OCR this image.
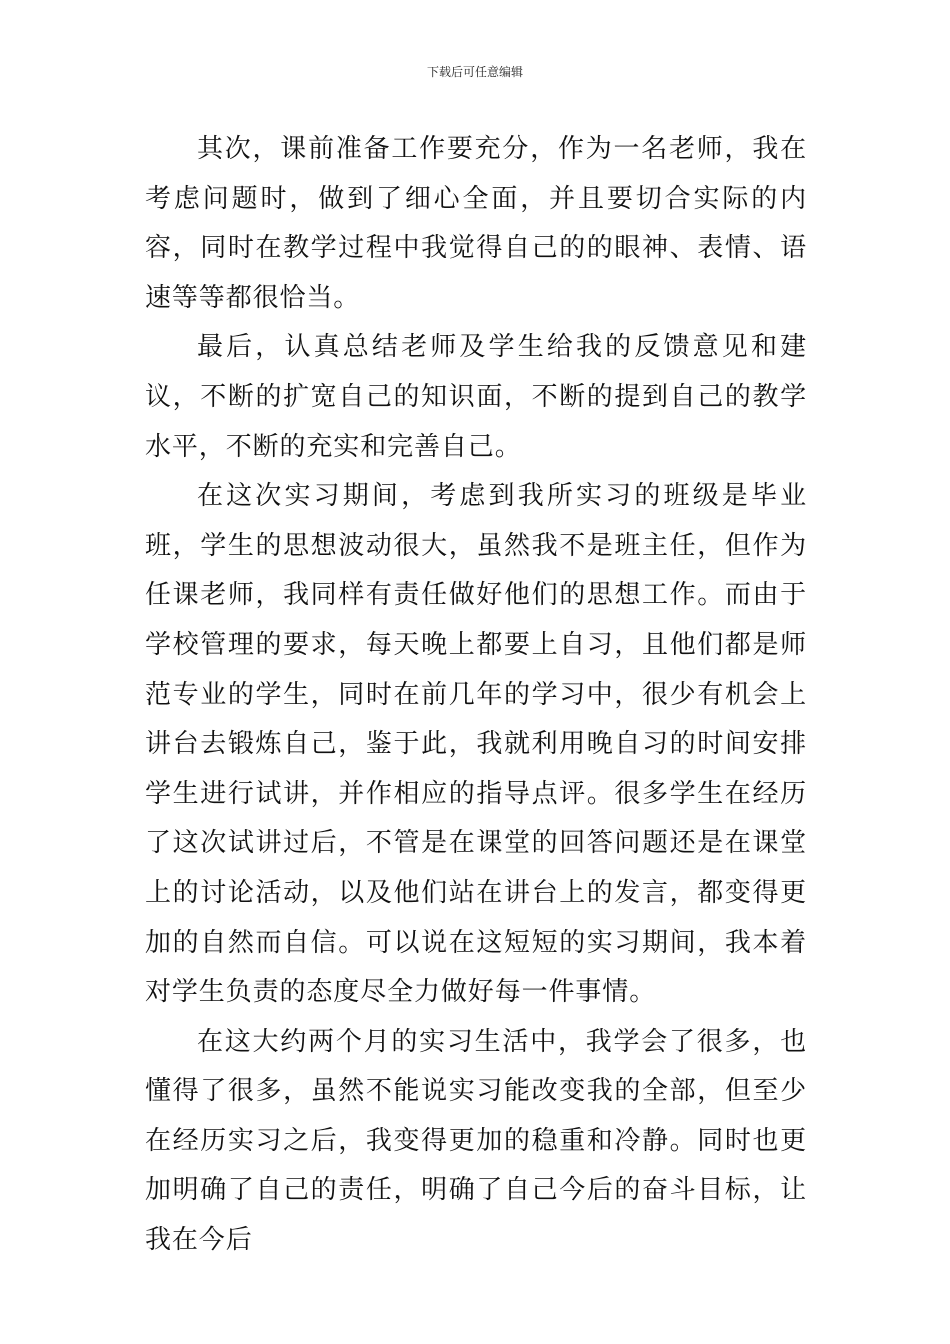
下载后可任意编辑

其次，课前准备工作要充分，作为一名老师，我在考虑问题时，做到了细心全面，并且要切合实际的内容，同时在教学过程中我觉得自己的的眼神、表情、语速等等都很恰当。

最后，认真总结老师及学生给我的反馈意见和建议，不断的扩宽自己的知识面，不断的提到自己的教学水平，不断的充实和完善自己。

在这次实习期间，考虑到我所实习的班级是毕业班，学生的思想波动很大，虽然我不是班主任，但作为任课老师，我同样有责任做好他们的思想工作。而由于学校管理的要求，每天晚上都要上自习，且他们都是师范专业的学生，同时在前几年的学习中，很少有机会上讲台去锻炼自己，鉴于此，我就利用晚自习的时间安排学生进行试讲，并作相应的指导点评。很多学生在经历了这次试讲过后，不管是在课堂的回答问题还是在课堂上的讨论活动，以及他们站在讲台上的发言，都变得更加的自然而自信。可以说在这短短的实习期间，我本着对学生负责的态度尽全力做好每一件事情。

在这大约两个月的实习生活中，我学会了很多，也懂得了很多，虽然不能说实习能改变我的全部，但至少在经历实习之后，我变得更加的稳重和冷静。同时也更加明确了自己的责任，明确了自己今后的奋斗目标，让我在今后
